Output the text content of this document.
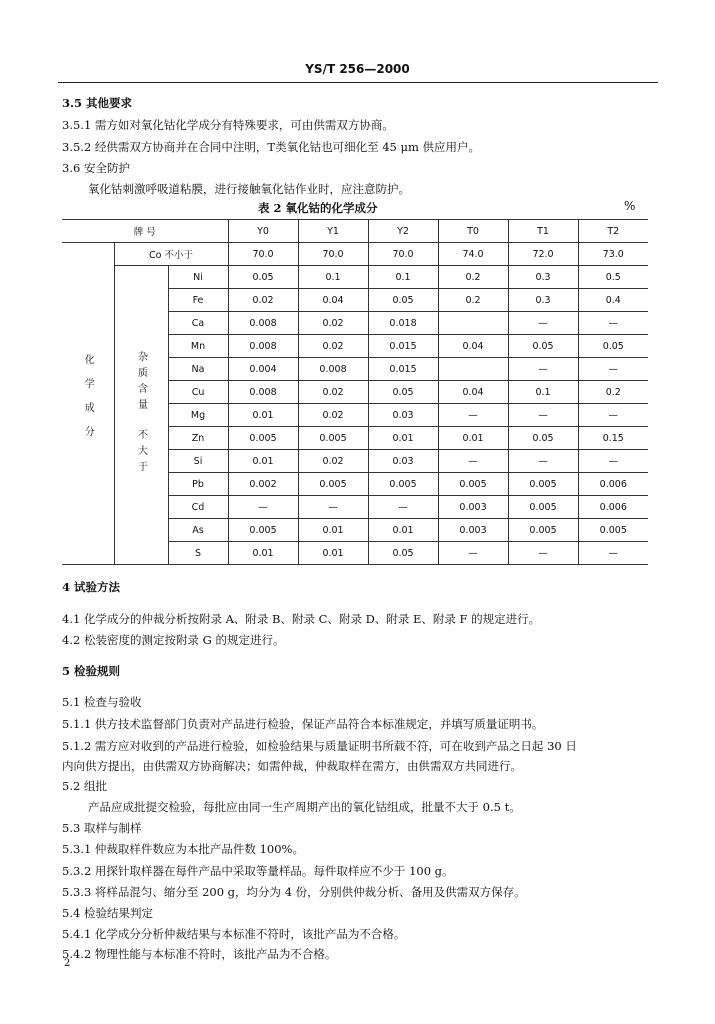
YS/T 256—2000
3.5 其他要求
3.5.1 需方如对氧化钴化学成分有特殊要求，可由供需双方协商。
3.5.2 经供需双方协商并在合同中注明，T类氧化钴也可细化至 45 μm 供应用户。
3.6 安全防护
氧化钴刺激呼吸道粘膜，进行接触氧化钴作业时，应注意防护。
表 2 氧化钴的化学成分	%
牌 号			Y0	Y1	Y2	T0	T1	T2
化学成分	Co 不小于		70.0	70.0	70.0	74.0	72.0	73.0
	杂质含量

不大于	Ni	0.05	0.1	0.1	0.2	0.3	0.5
		Fe	0.02	0.04	0.05	0.2	0.3	0.4
		Ca	0.008	0.02	0.018		—	—
		Mn	0.008	0.02	0.015	0.04	0.05	0.05
		Na	0.004	0.008	0.015		—	—
		Cu	0.008	0.02	0.05	0.04	0.1	0.2
		Mg	0.01	0.02	0.03	—	—	—
		Zn	0.005	0.005	0.01	0.01	0.05	0.15
		Si	0.01	0.02	0.03	—	—	—
		Pb	0.002	0.005	0.005	0.005	0.005	0.006
		Cd	—	—	—	0.003	0.005	0.006
		As	0.005	0.01	0.01	0.003	0.005	0.005
		S	0.01	0.01	0.05	—	—	—
4 试验方法
4.1 化学成分的仲裁分析按附录 A、附录 B、附录 C、附录 D、附录 E、附录 F 的规定进行。
4.2 松装密度的测定按附录 G 的规定进行。
5 检验规则
5.1 检查与验收
5.1.1 供方技术监督部门负责对产品进行检验，保证产品符合本标准规定，并填写质量证明书。
5.1.2 需方应对收到的产品进行检验，如检验结果与质量证明书所载不符，可在收到产品之日起 30 日
内向供方提出，由供需双方协商解决；如需仲裁，仲裁取样在需方，由供需双方共同进行。
5.2 组批
产品应成批提交检验，每批应由同一生产周期产出的氧化钴组成，批量不大于 0.5 t。
5.3 取样与制样
5.3.1 仲裁取样件数应为本批产品件数 100%。
5.3.2 用探针取样器在每件产品中采取等量样品。每件取样应不少于 100 g。
5.3.3 将样品混匀、缩分至 200 g，均分为 4 份，分别供仲裁分析、备用及供需双方保存。
5.4 检验结果判定
5.4.1 化学成分分析仲裁结果与本标准不符时，该批产品为不合格。
5.4.2 物理性能与本标准不符时，该批产品为不合格。
2
